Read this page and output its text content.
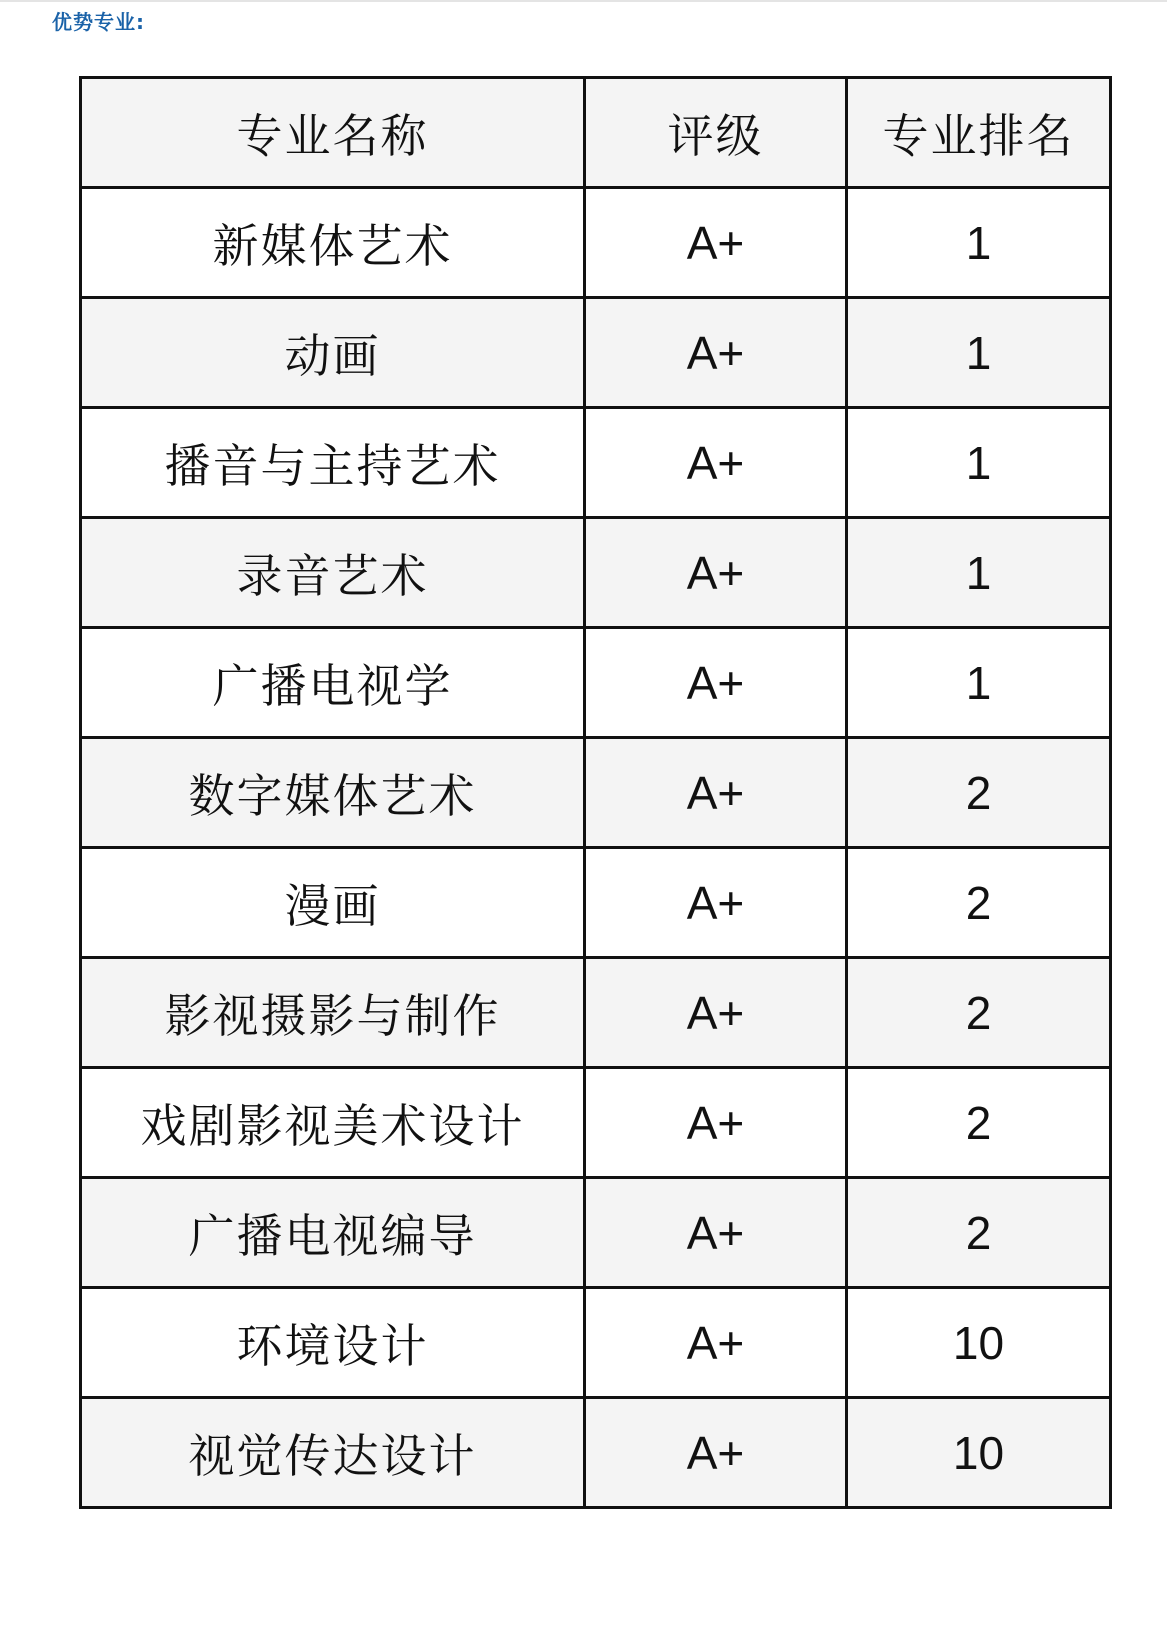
优势专业:
专业名称	评级	专业排名
新媒体艺术	A+	1
动画	A+	1
播音与主持艺术	A+	1
录音艺术	A+	1
广播电视学	A+	1
数字媒体艺术	A+	2
漫画	A+	2
影视摄影与制作	A+	2
戏剧影视美术设计	A+	2
广播电视编导	A+	2
环境设计	A+	10
视觉传达设计	A+	10
